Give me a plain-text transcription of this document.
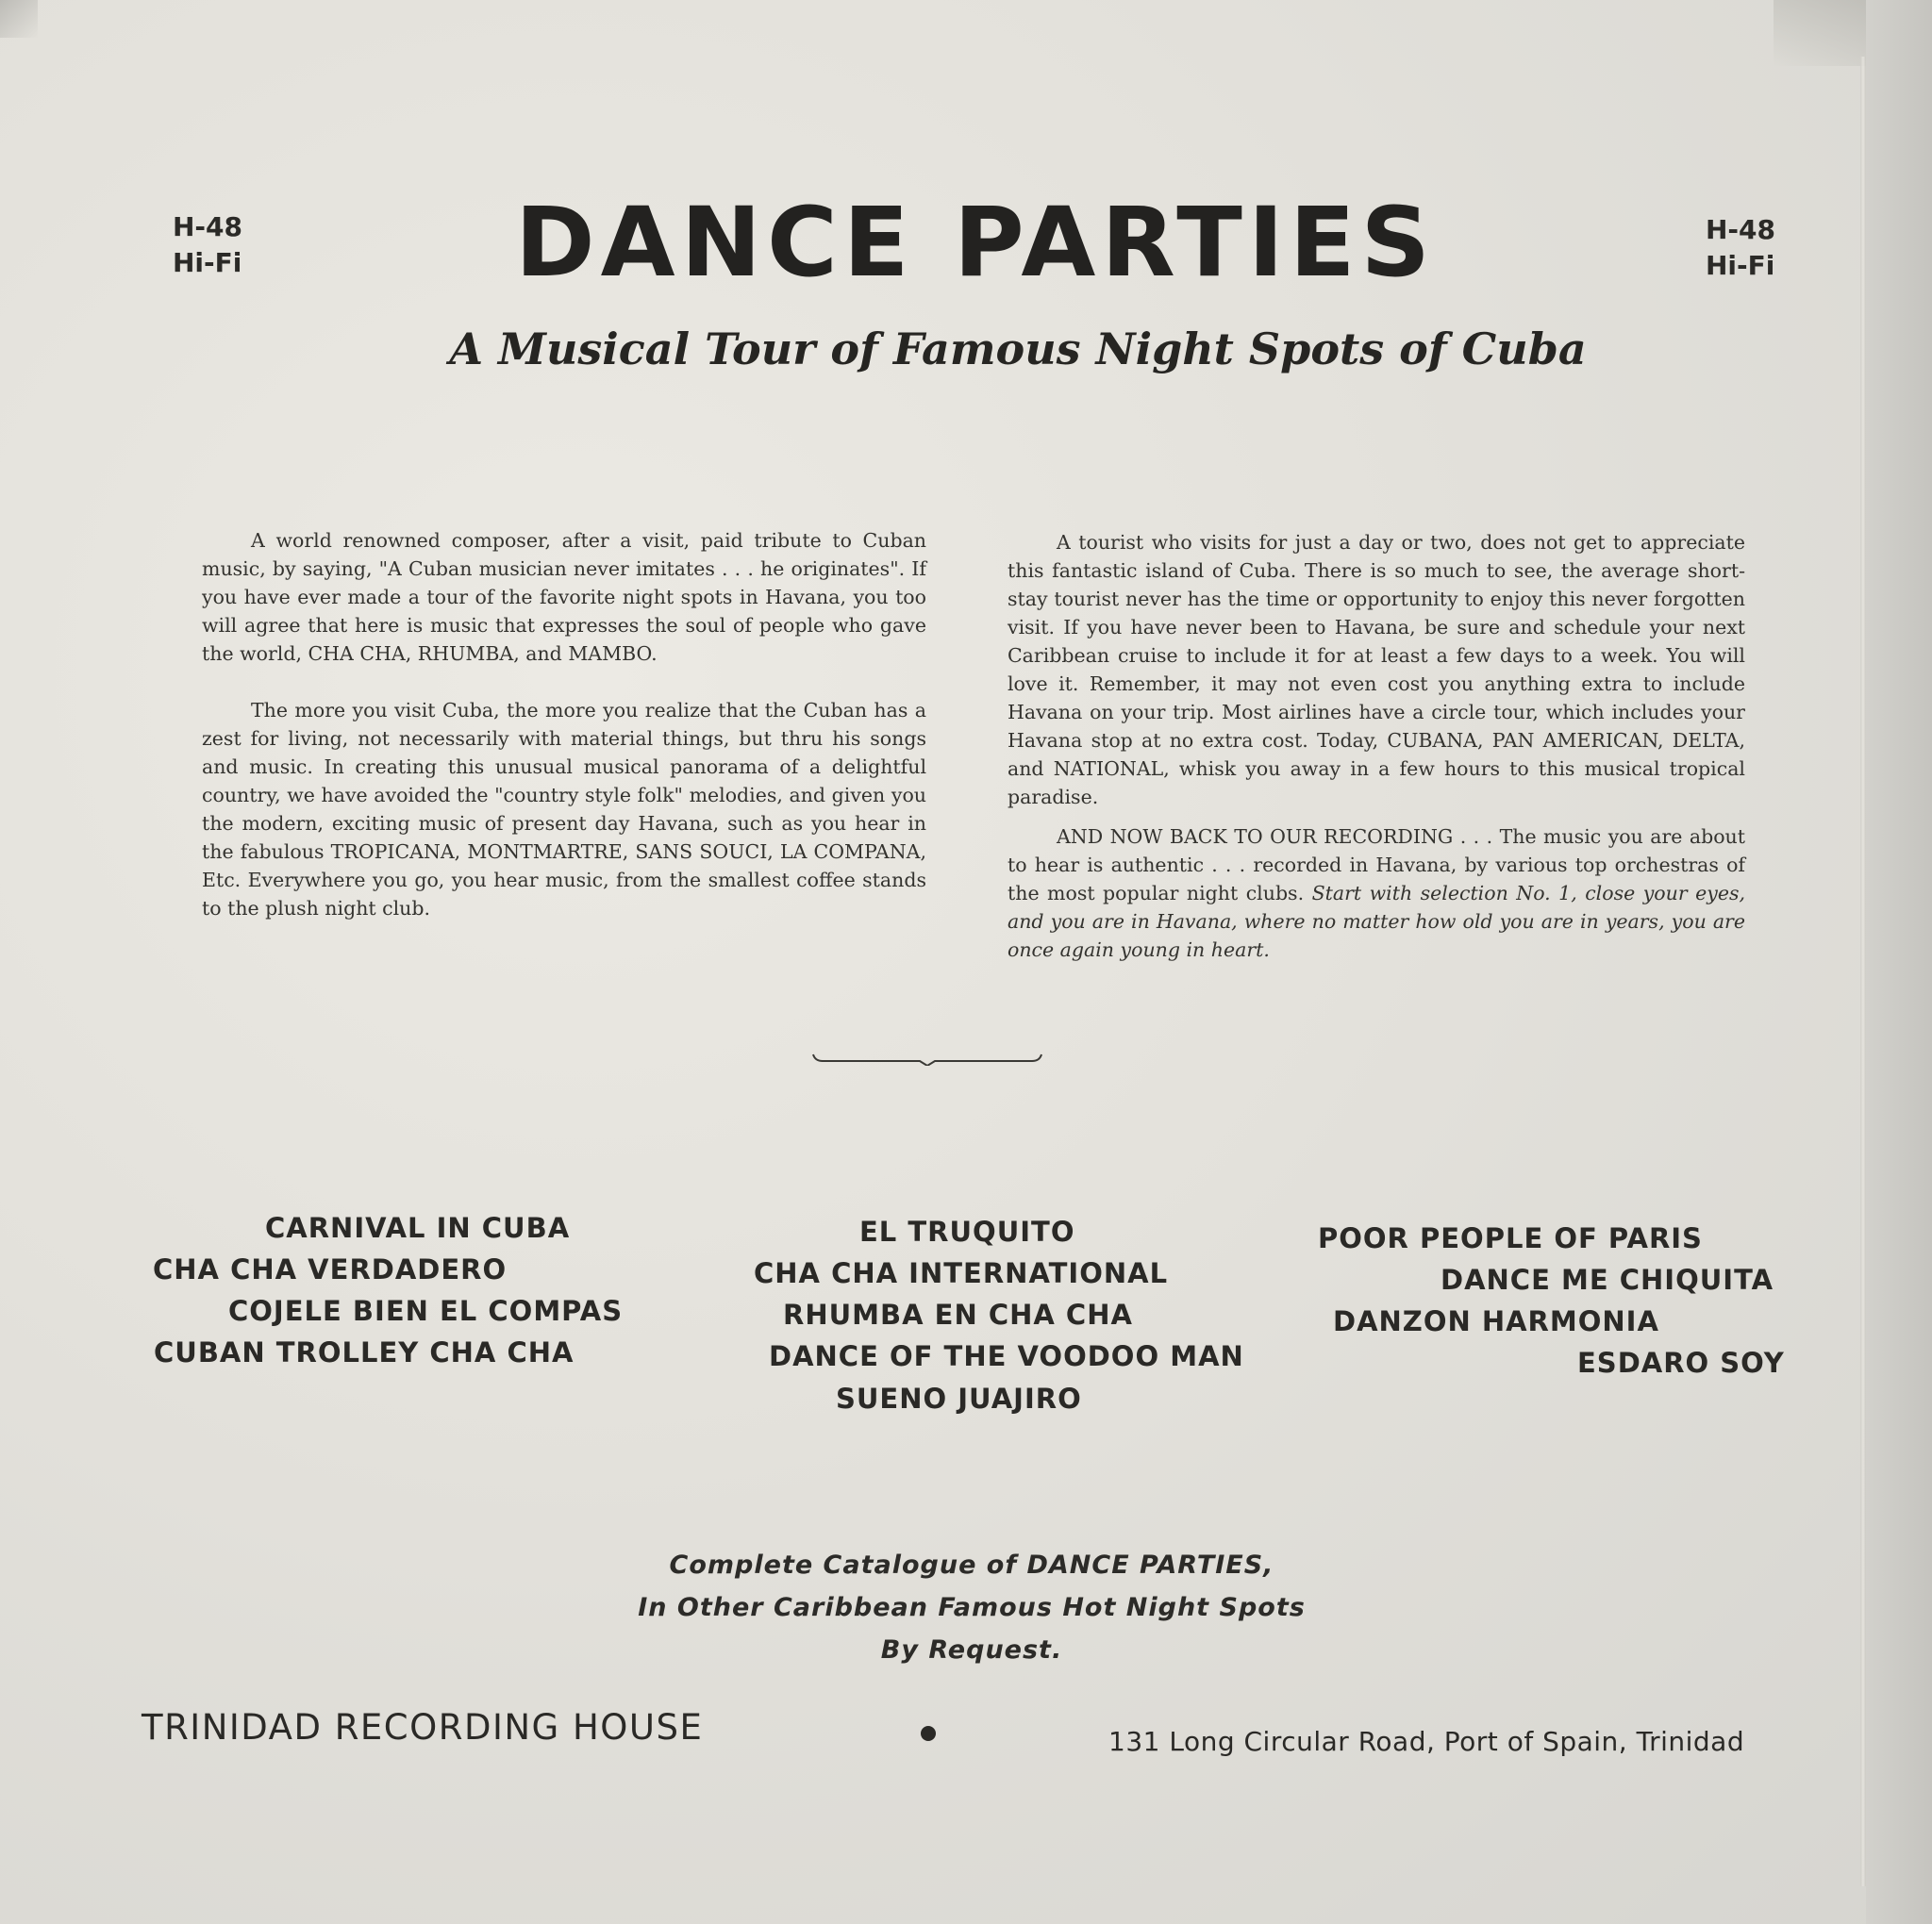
H-48
Hi-Fi
H-48
Hi-Fi
DANCE PARTIES
A Musical Tour of Famous Night Spots of Cuba

A world renowned composer, after a visit, paid tribute to Cuban music, by saying, "A Cuban musician never imitates . . . he originates". If you have ever made a tour of the favorite night spots in Havana, you too will agree that here is music that expresses the soul of people who gave the world, CHA CHA, RHUMBA, and MAMBO.

The more you visit Cuba, the more you realize that the Cuban has a zest for living, not necessarily with material things, but thru his songs and music. In creating this unusual musical panorama of a delightful country, we have avoided the "country style folk" melodies, and given you the modern, exciting music of present day Havana, such as you hear in the fabulous TROPICANA, MONTMARTRE, SANS SOUCI, LA COMPANA, Etc. Everywhere you go, you hear music, from the smallest coffee stands to the plush night club.

A tourist who visits for just a day or two, does not get to appreciate this fantastic island of Cuba. There is so much to see, the average short-stay tourist never has the time or opportunity to enjoy this never forgotten visit. If you have never been to Havana, be sure and schedule your next Caribbean cruise to include it for at least a few days to a week. You will love it. Remember, it may not even cost you anything extra to include Havana on your trip. Most airlines have a circle tour, which includes your Havana stop at no extra cost. Today, CUBANA, PAN AMERICAN, DELTA, and NATIONAL, whisk you away in a few hours to this musical tropical paradise.

AND NOW BACK TO OUR RECORDING . . . The music you are about to hear is authentic . . . recorded in Havana, by various top orchestras of the most popular night clubs. Start with selection No. 1, close your eyes, and you are in Havana, where no matter how old you are in years, you are once again young in heart.

CARNIVAL IN CUBA
CHA CHA VERDADERO
COJELE BIEN EL COMPAS
CUBAN TROLLEY CHA CHA
EL TRUQUITO
CHA CHA INTERNATIONAL
RHUMBA EN CHA CHA
DANCE OF THE VOODOO MAN
SUENO JUAJIRO
POOR PEOPLE OF PARIS
DANCE ME CHIQUITA
DANZON HARMONIA
ESDARO SOY
Complete Catalogue of DANCE PARTIES,
In Other Caribbean Famous Hot Night Spots
By Request.
TRINIDAD RECORDING HOUSE	131 Long Circular Road, Port of Spain, Trinidad
